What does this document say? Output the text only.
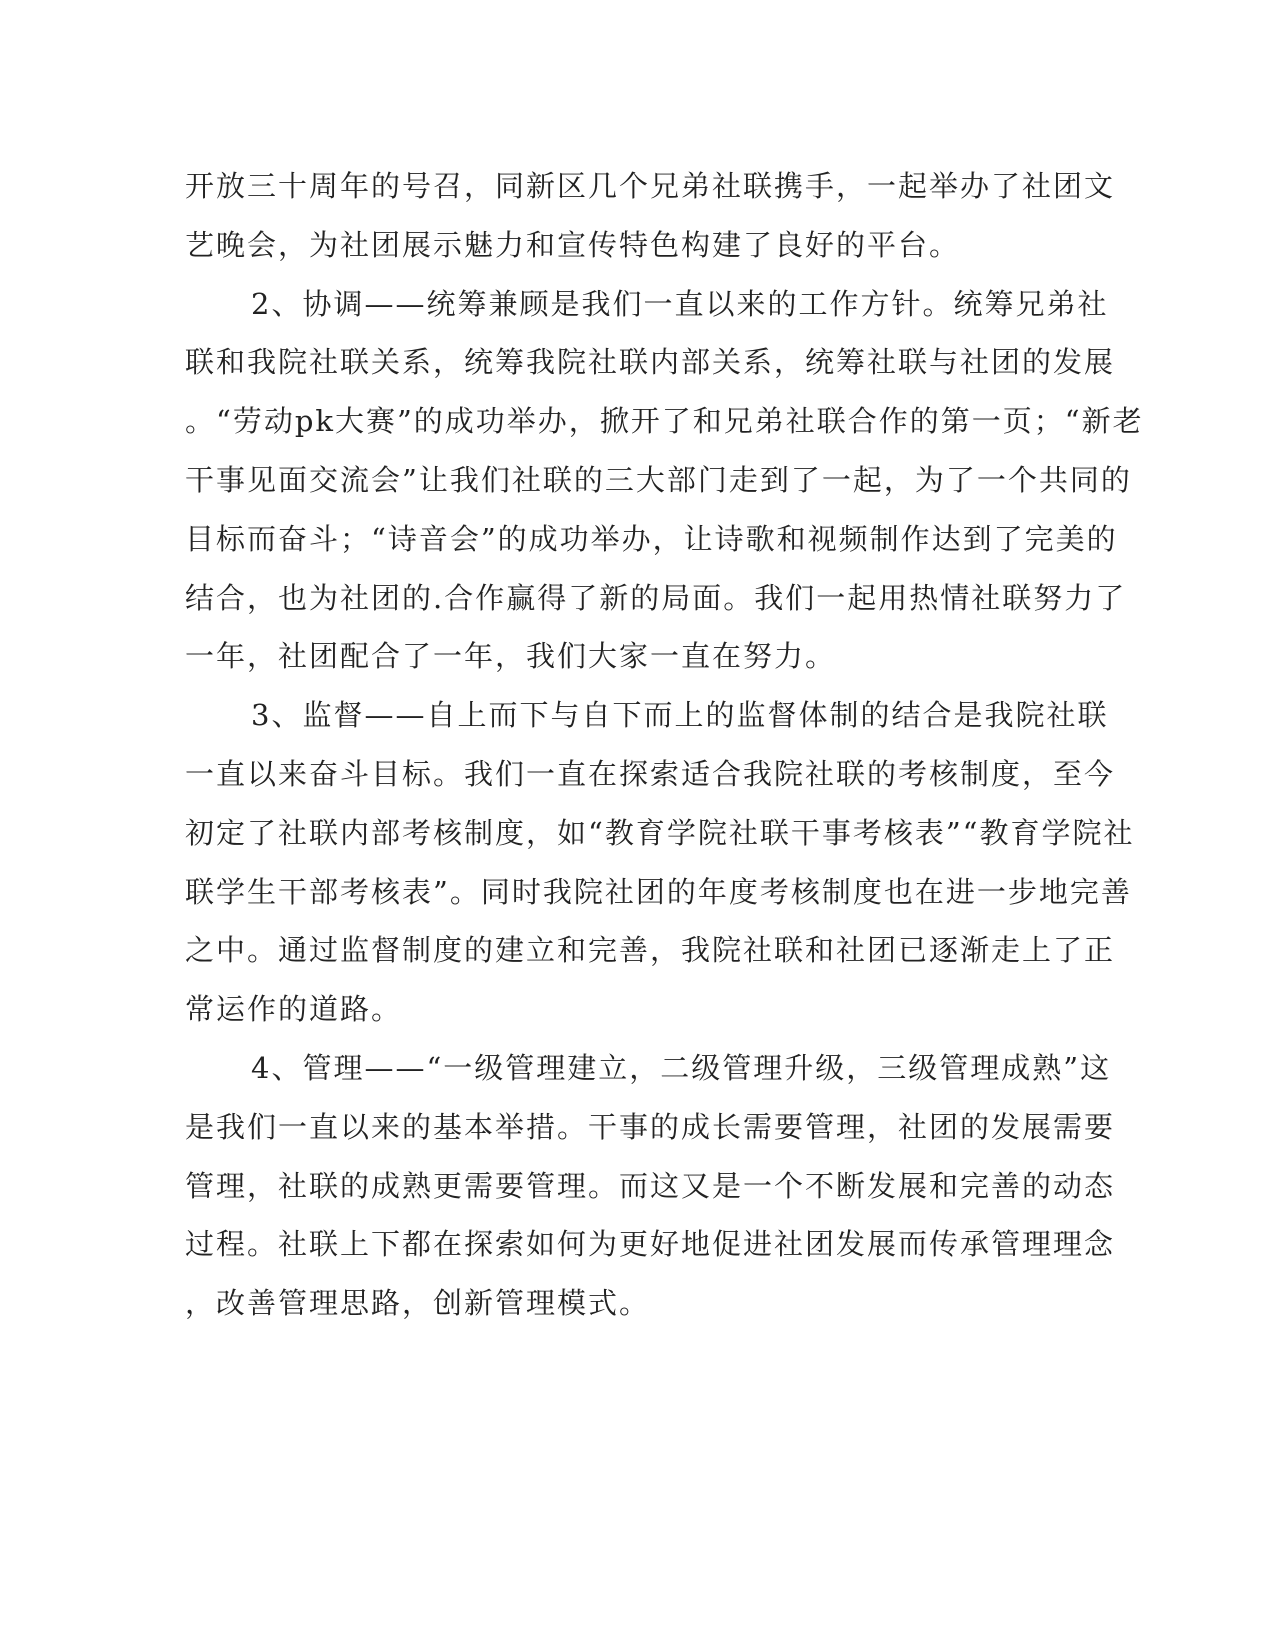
开放三十周年的号召，同新区几个兄弟社联携手，一起举办了社团文
艺晚会，为社团展示魅力和宣传特色构建了良好的平台。
2、协调——统筹兼顾是我们一直以来的工作方针。统筹兄弟社
联和我院社联关系，统筹我院社联内部关系，统筹社联与社团的发展
。“劳动pk大赛”的成功举办，掀开了和兄弟社联合作的第一页；“新老
干事见面交流会”让我们社联的三大部门走到了一起，为了一个共同的
目标而奋斗；“诗音会”的成功举办，让诗歌和视频制作达到了完美的
结合，也为社团的.合作赢得了新的局面。我们一起用热情社联努力了
一年，社团配合了一年，我们大家一直在努力。
3、监督——自上而下与自下而上的监督体制的结合是我院社联
一直以来奋斗目标。我们一直在探索适合我院社联的考核制度，至今
初定了社联内部考核制度，如“教育学院社联干事考核表”“教育学院社
联学生干部考核表”。同时我院社团的年度考核制度也在进一步地完善
之中。通过监督制度的建立和完善，我院社联和社团已逐渐走上了正
常运作的道路。
4、管理——“一级管理建立，二级管理升级，三级管理成熟”这
是我们一直以来的基本举措。干事的成长需要管理，社团的发展需要
管理，社联的成熟更需要管理。而这又是一个不断发展和完善的动态
过程。社联上下都在探索如何为更好地促进社团发展而传承管理理念
，改善管理思路，创新管理模式。
